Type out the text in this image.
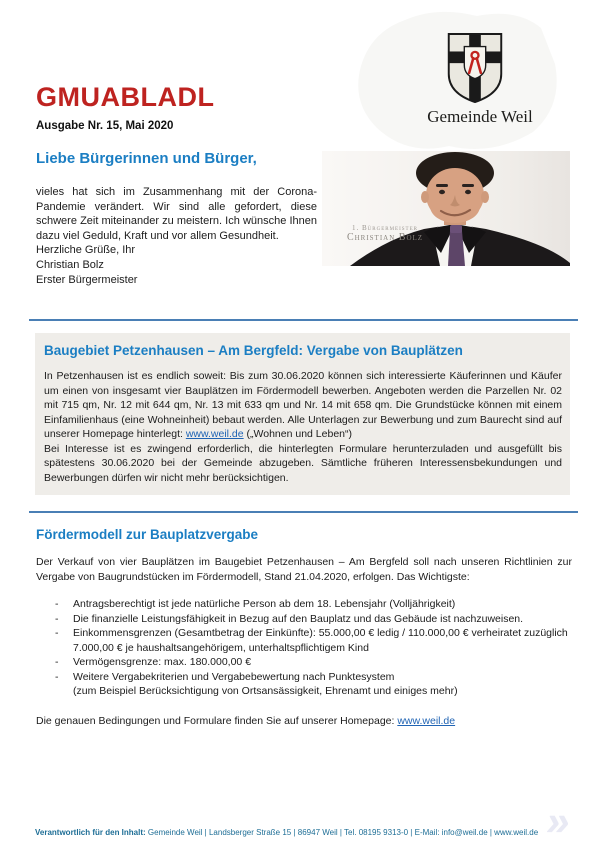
GMUABLADL
Ausgabe Nr. 15, Mai 2020	Gemeinde Weil
Liebe Bürgerinnen und Bürger,

vieles hat sich im Zusammenhang mit der Corona-Pandemie verändert. Wir sind alle gefordert, diese schwere Zeit miteinander zu meistern. Ich wünsche Ihnen dazu viel Geduld, Kraft und vor allem Gesundheit.

Herzliche Grüße, Ihr
Christian Bolz
Erster Bürgermeister
1. Bürgermeister
Christian Bolz
Baugebiet Petzenhausen – Am Bergfeld: Vergabe von Bauplätzen
In Petzenhausen ist es endlich soweit: Bis zum 30.06.2020 können sich interessierte Käuferinnen und Käufer um einen von insgesamt vier Bauplätzen im Fördermodell bewerben. Angeboten werden die Parzellen Nr. 02 mit 715 qm, Nr. 12 mit 644 qm, Nr. 13 mit 633 qm und Nr. 14 mit 658 qm. Die Grundstücke können mit einem Einfamilienhaus (eine Wohneinheit) bebaut werden. Alle Unterlagen zur Bewerbung und zum Baurecht sind auf unserer Homepage hinterlegt: www.weil.de („Wohnen und Leben“)
Bei Interesse ist es zwingend erforderlich, die hinterlegten Formulare herunterzuladen und ausgefüllt bis spätestens 30.06.2020 bei der Gemeinde abzugeben. Sämtliche früheren Interessensbekundungen und Bewerbungen dürfen wir nicht mehr berücksichtigen.
Fördermodell zur Bauplatzvergabe
Der Verkauf von vier Bauplätzen im Baugebiet Petzenhausen – Am Bergfeld soll nach unseren Richtlinien zur Vergabe von Baugrundstücken im Fördermodell, Stand 21.04.2020, erfolgen. Das Wichtigste:
- Antragsberechtigt ist jede natürliche Person ab dem 18. Lebensjahr (Volljährigkeit)
- Die finanzielle Leistungsfähigkeit in Bezug auf den Bauplatz und das Gebäude ist nachzuweisen.
- Einkommensgrenzen (Gesamtbetrag der Einkünfte): 55.000,00 € ledig / 110.000,00 € verheiratet zuzüglich 7.000,00 € je haushaltsangehörigem, unterhaltspflichtigem Kind
- Vermögensgrenze: max. 180.000,00 €
- Weitere Vergabekriterien und Vergabebewertung nach Punktesystem
(zum Beispiel Berücksichtigung von Ortsansässigkeit, Ehrenamt und einiges mehr)
Die genauen Bedingungen und Formulare finden Sie auf unserer Homepage: www.weil.de
Verantwortlich für den Inhalt: Gemeinde Weil | Landsberger Straße 15 | 86947 Weil | Tel. 08195 9313-0 | E-Mail: info@weil.de | www.weil.de »
